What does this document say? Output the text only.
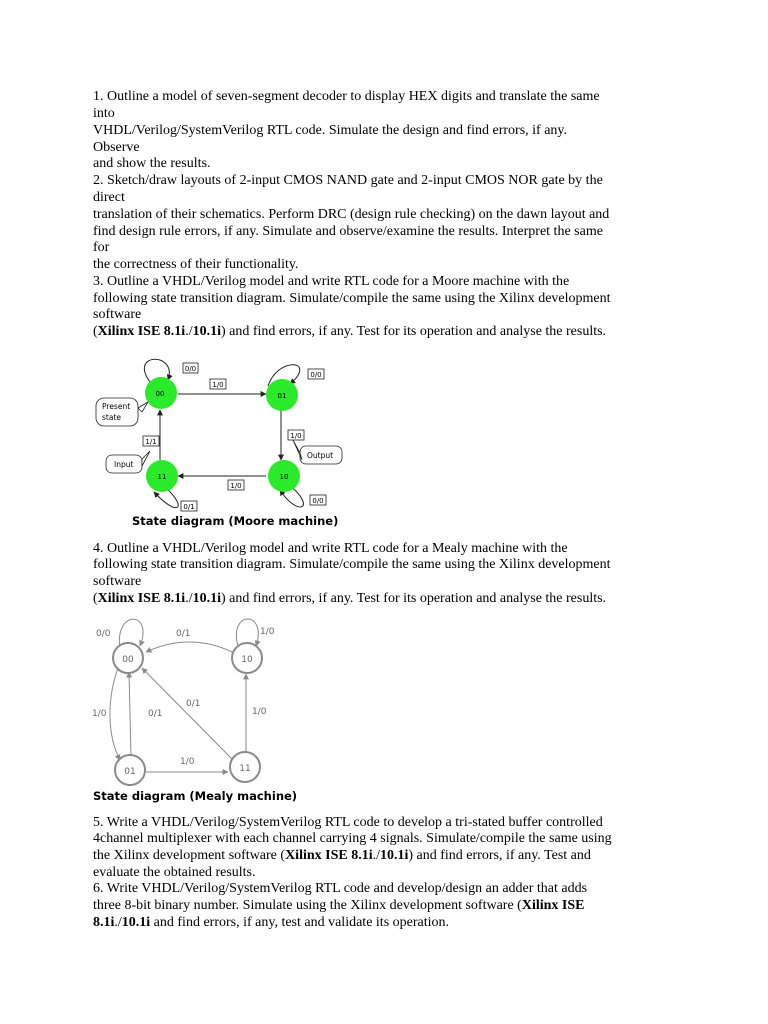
1. Outline a model of seven-segment decoder to display HEX digits and translate the same
into
VHDL/Verilog/SystemVerilog RTL code. Simulate the design and find errors, if any.
Observe
and show the results.
2. Sketch/draw layouts of 2-input CMOS NAND gate and 2-input CMOS NOR gate by the
direct
translation of their schematics. Perform DRC (design rule checking) on the dawn layout and
find design rule errors, if any. Simulate and observe/examine the results. Interpret the same
for
the correctness of their functionality.
3. Outline a VHDL/Verilog model and write RTL code for a Moore machine with the
following state transition diagram. Simulate/compile the same using the Xilinx development
software
(Xilinx ISE 8.1i./10.1i) and find errors, if any. Test for its operation and analyse the results.
00	01
10
11
0/0
0/0
1/0
1/0
1/0
1/1
0/1
0/0
Present
state
Input
Output
State diagram (Moore machine)
4. Outline a VHDL/Verilog model and write RTL code for a Mealy machine with the
following state transition diagram. Simulate/compile the same using the Xilinx development
software
(Xilinx ISE 8.1i./10.1i) and find errors, if any. Test for its operation and analyse the results.
00	10
01	11
0/0	0/1	1/0
1/0	0/1
0/1
1/0
1/0
State diagram (Mealy machine)
5. Write a VHDL/Verilog/SystemVerilog RTL code to develop a tri-stated buffer controlled
4channel multiplexer with each channel carrying 4 signals. Simulate/compile the same using
the Xilinx development software (Xilinx ISE 8.1i./10.1i) and find errors, if any. Test and
evaluate the obtained results.
6. Write VHDL/Verilog/SystemVerilog RTL code and develop/design an adder that adds
three 8-bit binary number. Simulate using the Xilinx development software (Xilinx ISE
8.1i./10.1i and find errors, if any, test and validate its operation.
